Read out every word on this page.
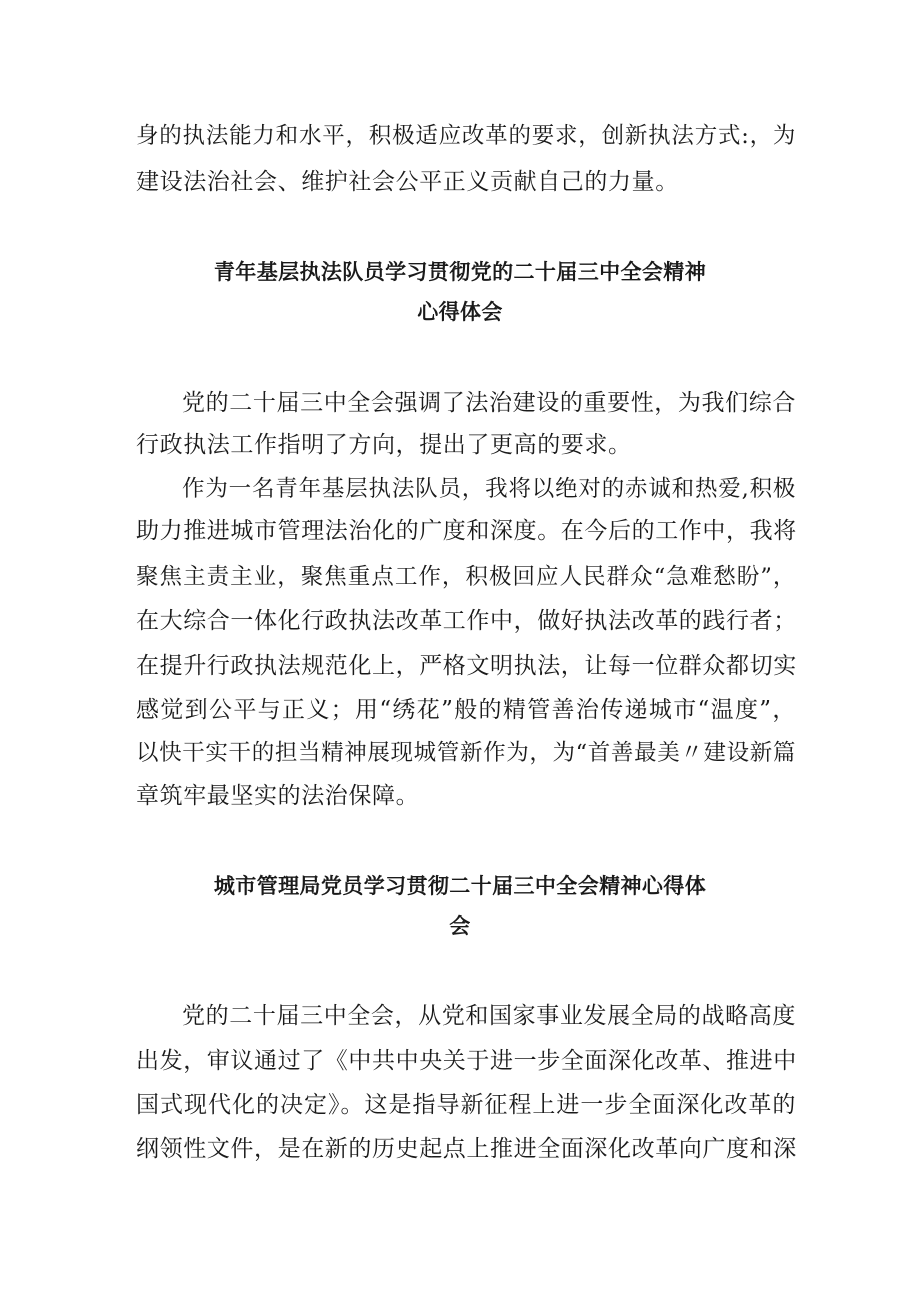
身的执法能力和水平，积极适应改革的要求，创新执法方式:，为
建设法治社会、维护社会公平正义贡献自己的力量。
青年基层执法队员学习贯彻党的二十届三中全会精神
心得体会
党的二十届三中全会强调了法治建设的重要性，为我们综合
行政执法工作指明了方向，提出了更高的要求。
作为一名青年基层执法队员，我将以绝对的赤诚和热爱,积极
助力推进城市管理法治化的广度和深度。在今后的工作中，我将
聚焦主责主业，聚焦重点工作，积极回应人民群众“急难愁盼”，
在大综合一体化行政执法改革工作中，做好执法改革的践行者；
在提升行政执法规范化上，严格文明执法，让每一位群众都切实
感觉到公平与正义；用“绣花”般的精管善治传递城市“温度”，
以快干实干的担当精神展现城管新作为，为“首善最美〃建设新篇
章筑牢最坚实的法治保障。
城市管理局党员学习贯彻二十届三中全会精神心得体
会
党的二十届三中全会，从党和国家事业发展全局的战略高度
出发，审议通过了《中共中央关于进一步全面深化改革、推进中
国式现代化的决定》。这是指导新征程上进一步全面深化改革的
纲领性文件，是在新的历史起点上推进全面深化改革向广度和深
